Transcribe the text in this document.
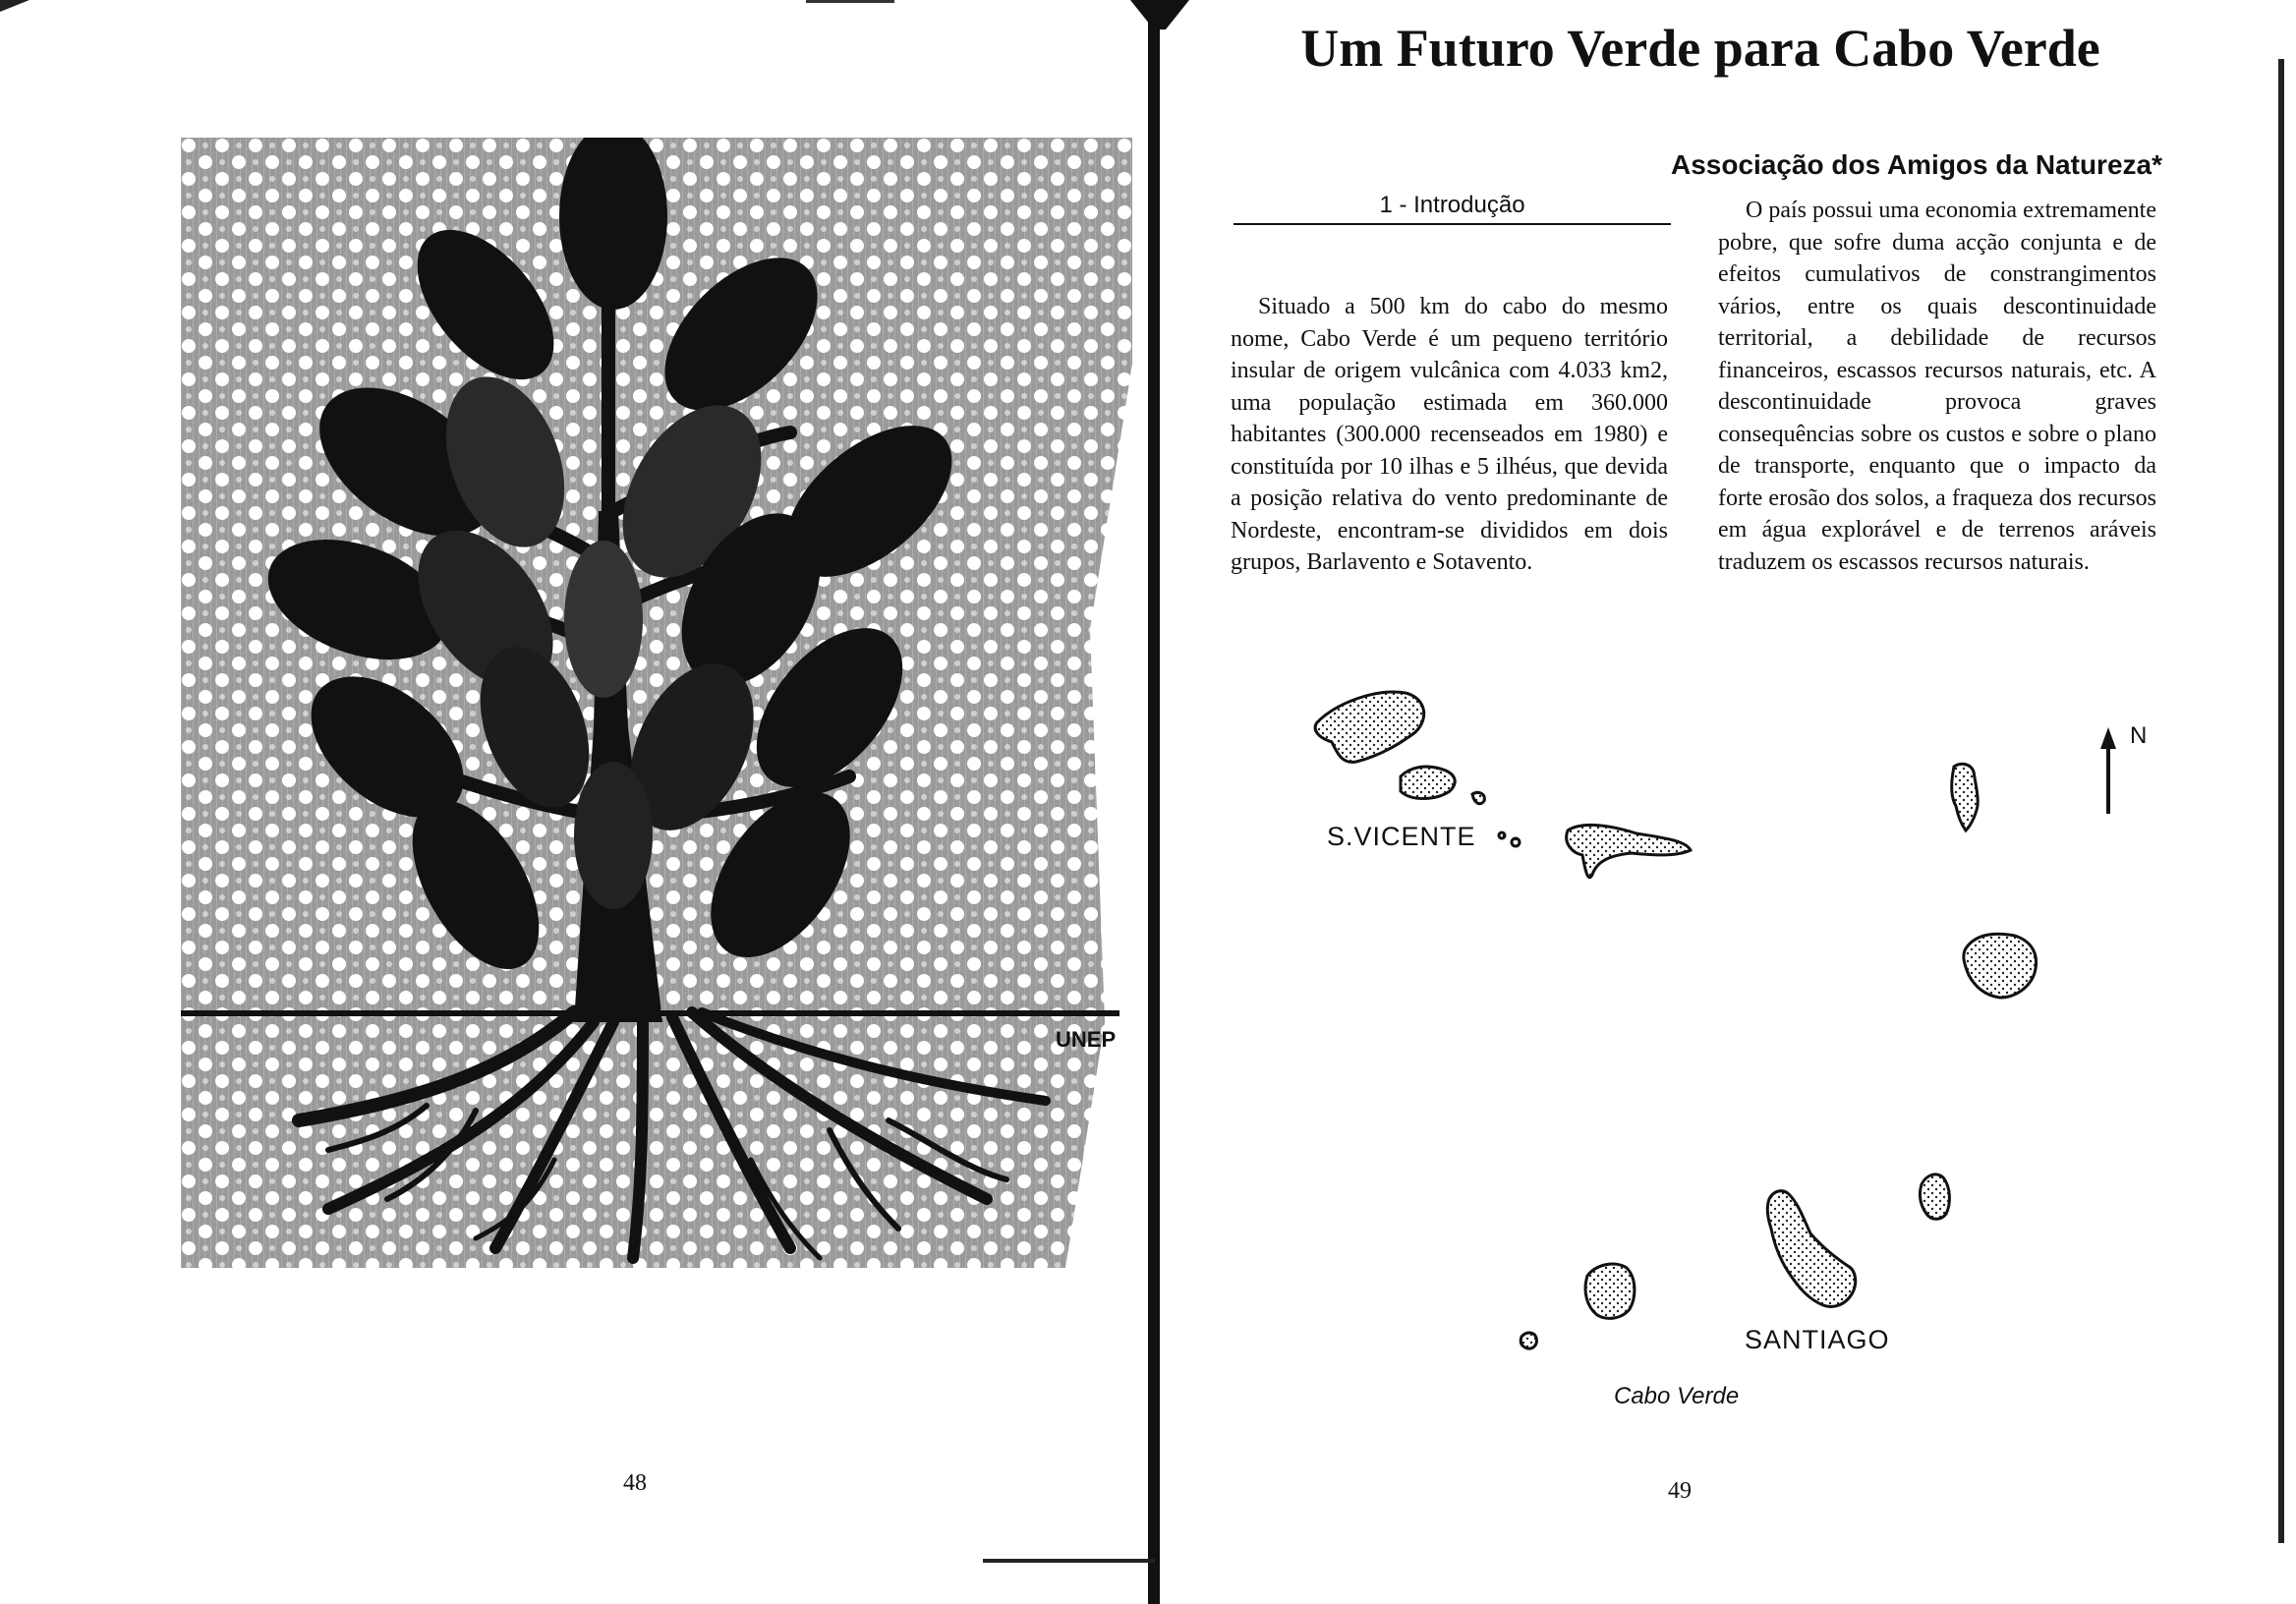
UNEP
48
Um Futuro Verde para Cabo Verde
Associação dos Amigos da Natureza*
1 - Introdução
Situado a 500 km do cabo do mesmo nome, Cabo Verde é um pequeno território insular de origem vulcânica com 4.033 km2, uma população estimada em 360.000 habitantes (300.000 recenseados em 1980) e constituída por 10 ilhas e 5 ilhéus, que devida a posição relativa do vento predominante de Nordeste, encontram-se divididos em dois grupos, Barlavento e Sotavento.
O país possui uma economia extremamente pobre, que sofre duma acção conjunta e de efeitos cumulativos de constrangimentos vários, entre os quais descontinuidade territorial, a debilidade de recursos financeiros, escassos recursos naturais, etc. A descontinuidade provoca graves consequências sobre os custos e sobre o plano de transporte, enquanto que o impacto da forte erosão dos solos, a fraqueza dos recursos em água explorável e de terrenos aráveis traduzem os escassos recursos naturais.
S.VICENTE
SANTIAGO
N
Cabo Verde
49
